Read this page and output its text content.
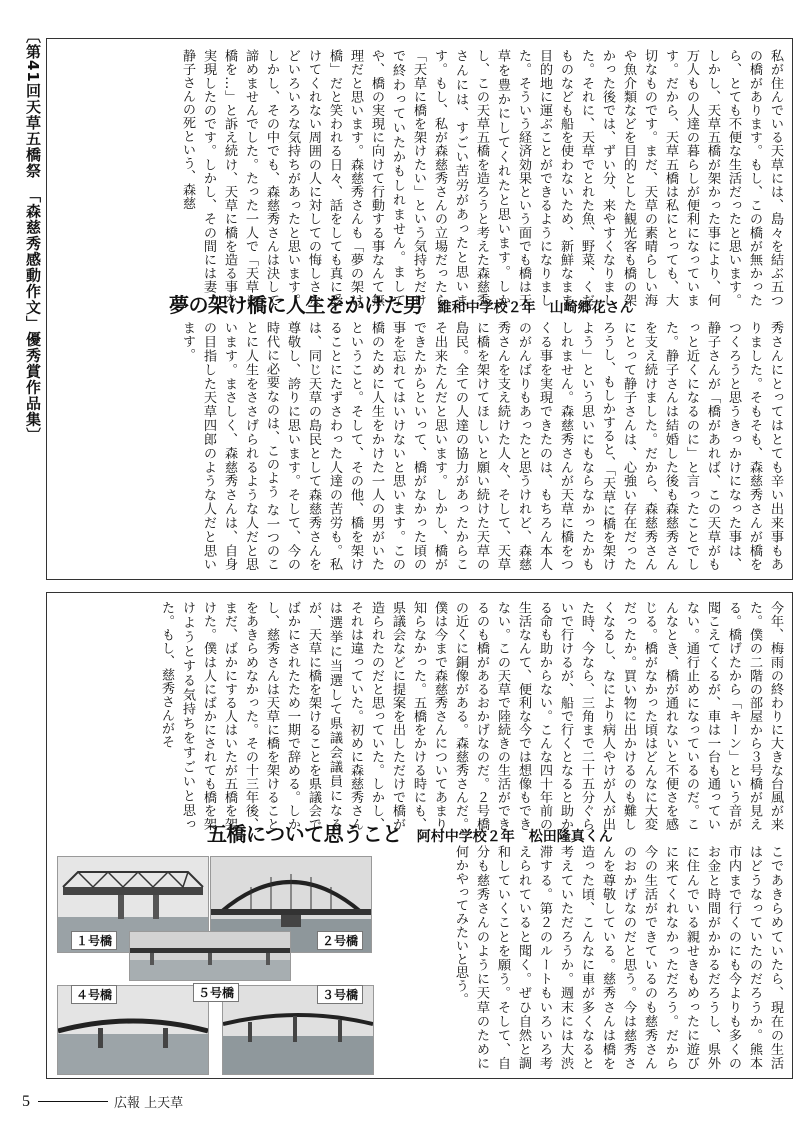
〔第41回天草五橋祭　「森慈秀感動作文」優秀賞作品集〕	私が住んでいる天草には、島々を結ぶ五つの橋があります。もし、この橋が無かったら、とても不便な生活だったと思います。しかし、天草五橋が架かった事により、何万人もの人達の暮らしが便利になっています。だから、天草五橋は私にとっても、大切なものです。まだ、天草の素晴らしい海や魚介類などを目的とした観光客も橋の架かった後では、ずい分、来やすくなりました。それに、天草でとれた魚、野菜、くだものなども船を使わないため、新鮮なまま目的地に運ぶことができるようになりました。そういう経済効果という面でも橋は天草を豊かにしてくれたと思います。しかし、この天草五橋を造ろうと考えた森慈秀さんには、すごい苦労があったと思います。もし、私が森慈秀さんの立場だったら「天草に橋を架けたい」という気持ちだけで終わっていたかもしれません。まして や、橋の実現に向けて行動する事なんて無理だと思います。森慈秀さんも「夢の架け橋」だと笑われる日々、話をしても真に受けてくれない周囲の人に対しての悔しさなどいろいろな気持ちがあったと思います。しかし、その中でも、森慈秀さんは決して諦めませんでした。たった一人で「天草に橋を…」と訴え続け、天草に橋を造る事を実現したのです。しかし、その間には妻、静子さんの死という、森慈
夢の架け橋に人生をかけた男 維和中学校２年　山崎郷花さん
秀さんにとってはとても辛い出来事もありました。そもそも、森慈秀さんが橋をつくろうと思うきっかけになった事は、静子さんが「橋があれば、この天草がもっと近くになるのに」と言ったことでした。静子さんは結婚した後も森慈秀さんを支え続けました。だから、森慈秀さんにとって静子さんは、心強い存在だったろうし、もしかすると、「天草に橋を架けよう」という思いにもならなかったかもしれません。森慈秀さんが天草に橋をつくる事を実現できたのは、もちろん本人のがんばりもあったと思うけれど、森慈秀さんを支え続けた人々、そして、天草に橋を架けてほしいと願い続けた天草の島民。全ての人達の協力があったからこそ出来たんだと思います。しかし、橋ができたからといって、橋がなかった頃の事を忘れてはいけないと思います。この橋のために人生をかけた一人の男がいたということ。そして、その他、橋を架けることにたずさわった人達の苦労も。私は、同じ天草の島民として森慈秀さんを尊敬し、誇りに思います。そして、今の時代に必要なのは、このよう な一つのことに人生をささげられるような人だと思います。まさしく、森慈秀さんは、自身の目指した天草四郎のような人だと思います。
今年、梅雨の終わりに大きな台風が来た。僕の二階の部屋から３号橋が見える。橋げたから「キーン」という音が聞こえてくるが、車は一台も通っていない。通行止めになっているのだ。こんなとき、橋が通れないと不便さを感じる。橋がなかった頃はどんなに大変だったか。買い物に出かけるのも難しくなるし、なにより病人やけが人が出た時、今なら、三角まで二十五分ぐらいで行けるが、船で行くとなると助かる命も助からない。こんな四十年前の生活なんて、便利な今では想像もできない。この天草で陸続きの生活ができるのも橋があるおかげなのだ。２号橋の近くに銅像がある。森慈秀さんだ。僕は今まで森慈秀さんについてあまり知らなかった。五橋をかける時にも、県議会などに提案を出しただけで橋が造られたのだと思っていた。しかし、それは違っていた。初めに森慈秀さんは選挙に当選して県議会議員になるが、天草に橋を架けることを県議会でばかにされたため一期で辞める。しかし、慈秀さんは天草に橋を架けることをあきらめなかった。その十三年後、まだ、ばかにする人はいたが五橋を架けた。僕は人にばかにされても橋を架けようとする気持ちをすごいと思った。もし、慈秀さんがそ
五橋について思うこと 阿村中学校２年　松田隆真くん
こであきらめていたら、現在の生活はどうなっていたのだろうか。熊本市内まで行くのにも今よりも多くのお金と時間がかかるだろうし、県外に住んでいる親せきもめったに遊びに来てくれなかっただろう。だから今の生活ができているのも慈秀さんのおかげなのだと思う。今は慈秀さんを尊敬している。慈秀さんは橋を造った頃、こんなに車が多くなると考えていただろうか。週末には大渋滞する。第２のルートもいろいろ考えられていると聞く。ぜひ自然と調和していくことを願う。そして、自分も慈秀さんのように天草のために何かやってみたいと思う。
１号橋	２号橋
４号橋	５号橋	３号橋
5	広報 上天草
